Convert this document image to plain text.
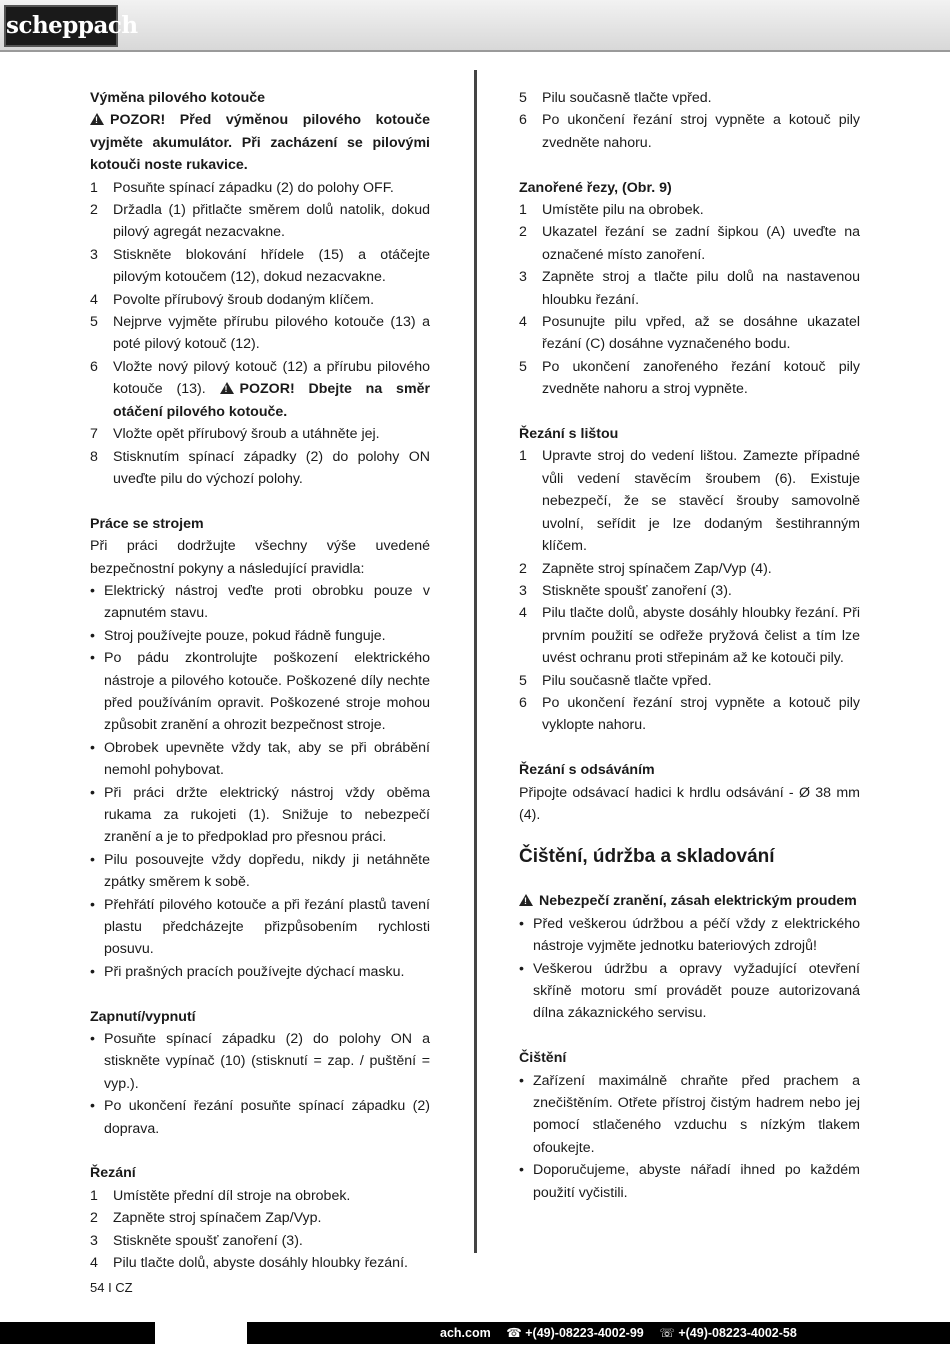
scheppach
Výměna pilového kotouče
!POZOR! Před výměnou pilového kotouče vyjměte akumulátor. Při zacházení se pilovými kotouči noste rukavice.
1 Posuňte spínací západku (2) do polohy OFF.
2 Držadla (1) přitlačte směrem dolů natolik, dokud pilový agregát nezacvakne.
3 Stiskněte blokování hřídele (15) a otáčejte pilovým kotoučem (12), dokud nezacvakne.
4 Povolte přírubový šroub dodaným klíčem.
5 Nejprve vyjměte přírubu pilového kotouče (13) a poté pilový kotouč (12).
6 Vložte nový pilový kotouč (12) a přírubu pilového kotouče (13). ! POZOR! Dbejte na směr otáčení pilového kotouče.
7 Vložte opět přírubový šroub a utáhněte jej.
8 Stisknutím spínací západky (2) do polohy ON uveďte pilu do výchozí polohy.
Práce se strojem
Při práci dodržujte všechny výše uvedené bezpečnostní pokyny a následující pravidla:
• Elektrický nástroj veďte proti obrobku pouze v zapnutém stavu.
• Stroj používejte pouze, pokud řádně funguje.
• Po pádu zkontrolujte poškození elektrického nástroje a pilového kotouče. Poškozené díly nechte před používáním opravit. Poškozené stroje mohou způsobit zranění a ohrozit bezpečnost stroje.
• Obrobek upevněte vždy tak, aby se při obrábění nemohl pohybovat.
• Při práci držte elektrický nástroj vždy oběma rukama za rukojeti (1). Snižuje to nebezpečí zranění a je to předpoklad pro přesnou práci.
• Pilu posouvejte vždy dopředu, nikdy ji netáhněte zpátky směrem k sobě.
• Přehřátí pilového kotouče a při řezání plastů tavení plastu předcházejte přizpůsobením rychlosti posuvu.
• Při prašných pracích používejte dýchací masku.
Zapnutí/vypnutí
• Posuňte spínací západku (2) do polohy ON a stiskněte vypínač (10) (stisknutí = zap. / puštění = vyp.).
• Po ukončení řezání posuňte spínací západku (2) doprava.
Řezání
1 Umístěte přední díl stroje na obrobek.
2 Zapněte stroj spínačem Zap/Vyp.
3 Stiskněte spoušť zanoření (3).
4 Pilu tlačte dolů, abyste dosáhly hloubky řezání.
5 Pilu současně tlačte vpřed.
6 Po ukončení řezání stroj vypněte a kotouč pily zvedněte nahoru.
Zanořené řezy, (Obr. 9)
1 Umístěte pilu na obrobek.
2 Ukazatel řezání se zadní šipkou (A) uveďte na označené místo zanoření.
3 Zapněte stroj a tlačte pilu dolů na nastavenou hloubku řezání.
4 Posunujte pilu vpřed, až se dosáhne ukazatel řezání (C) dosáhne vyznačeného bodu.
5 Po ukončení zanořeného řezání kotouč pily zvedněte nahoru a stroj vypněte.
Řezání s lištou
1 Upravte stroj do vedení lištou. Zamezte případné vůli vedení stavěcím šroubem (6). Existuje nebezpečí, že se stavěcí šrouby samovolně uvolní, seřídit je lze dodaným šestihranným klíčem.
2 Zapněte stroj spínačem Zap/Vyp (4).
3 Stiskněte spoušť zanoření (3).
4 Pilu tlačte dolů, abyste dosáhly hloubky řezání. Při prvním použití se odřeže pryžová čelist a tím lze uvést ochranu proti střepinám až ke kotouči pily.
5 Pilu současně tlačte vpřed.
6 Po ukončení řezání stroj vypněte a kotouč pily vyklopte nahoru.
Řezání s odsáváním
Připojte odsávací hadici k hrdlu odsávání - Ø 38 mm (4).
Čištění, údržba a skladování
!Nebezpečí zranění, zásah elektrickým proudem
• Před veškerou údržbou a péčí vždy z elektrického nástroje vyjměte jednotku bateriových zdrojů!
• Veškerou údržbu a opravy vyžadující otevření skříně motoru smí provádět pouze autorizovaná dílna zákaznického servisu.
Čištění
• Zařízení maximálně chraňte před prachem a znečištěním. Otřete přístroj čistým hadrem nebo jej pomocí stlačeného vzduchu s nízkým tlakem ofoukejte.
• Doporučujeme, abyste nářadí ihned po každém použití vyčistili.
54 I CZ
ach.com ☎ +(49)-08223-4002-99 ☏ +(49)-08223-4002-58
